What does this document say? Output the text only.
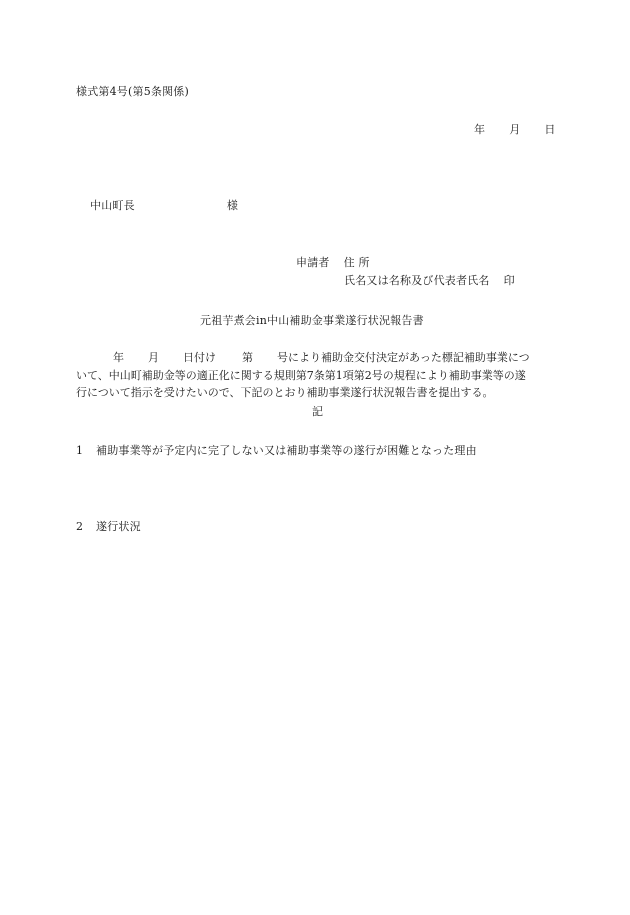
様式第4号(第5条関係)
年 月 日
中山町長	様
申請者 住 所
氏名又は名称及び代表者氏名 印
元祖芋煮会in中山補助金事業遂行状況報告書
年 月 日付け 第 号により補助金交付決定があった標記補助事業につ
いて、中山町補助金等の適正化に関する規則第7条第1項第2号の規程により補助事業等の遂
行について指示を受けたいので、下記のとおり補助事業遂行状況報告書を提出する。
記
1 補助事業等が予定内に完了しない又は補助事業等の遂行が困難となった理由
2 遂行状況
